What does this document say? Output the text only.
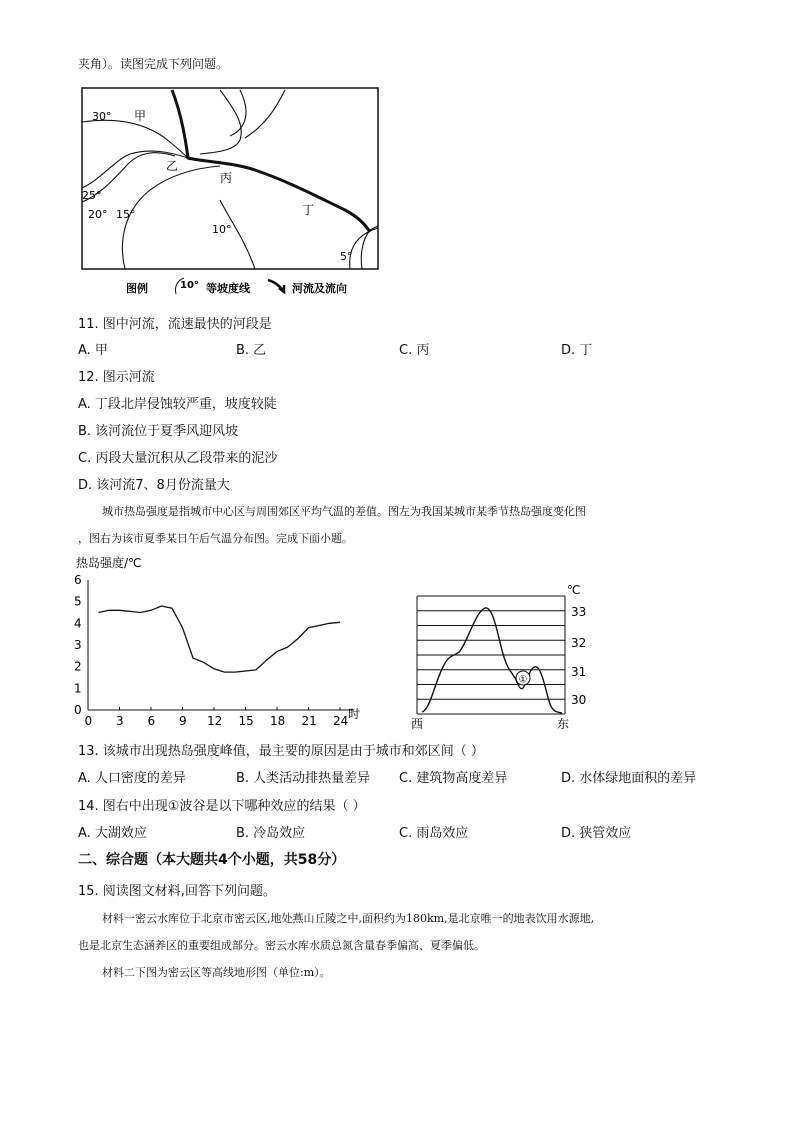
夹角）。读图完成下列问题。
30° 甲
乙
丙
25°
20° 15°	丁
10°
5°
图例	10° 等坡度线	河流及流向
11. 图中河流，流速最快的河段是
A. 甲	B. 乙	C. 丙	D. 丁
12. 图示河流
A. 丁段北岸侵蚀较严重，坡度较陡
B. 该河流位于夏季风迎风坡
C. 丙段大量沉积从乙段带来的泥沙
D. 该河流7、8月份流量大
城市热岛强度是指城市中心区与周围郊区平均气温的差值。图左为我国某城市某季节热岛强度变化图
，图右为该市夏季某日午后气温分布图。完成下面小题。
热岛强度/℃
0
1
2
3
4
5
6
0 3 6 9 12 15 18 21 24 时
℃
30
31
32
33
①
西	东
13. 该城市出现热岛强度峰值，最主要的原因是由于城市和郊区间（ ）
A. 人口密度的差异	B. 人类活动排热量差异 C. 建筑物高度差异	D. 水体绿地面积的差异
14. 图右中出现①波谷是以下哪种效应的结果（ ）
A. 大湖效应	B. 冷岛效应	C. 雨岛效应	D. 狭管效应
二、综合题（本大题共4个小题，共58分）
15. 阅读图文材料,回答下列问题。
材料一密云水库位于北京市密云区,地处燕山丘陵之中,面积约为180km,是北京唯一的地表饮用水源地,
也是北京生态涵养区的重要组成部分。密云水库水质总氮含量春季偏高、夏季偏低。
材料二下图为密云区等高线地形图（单位:m）。
